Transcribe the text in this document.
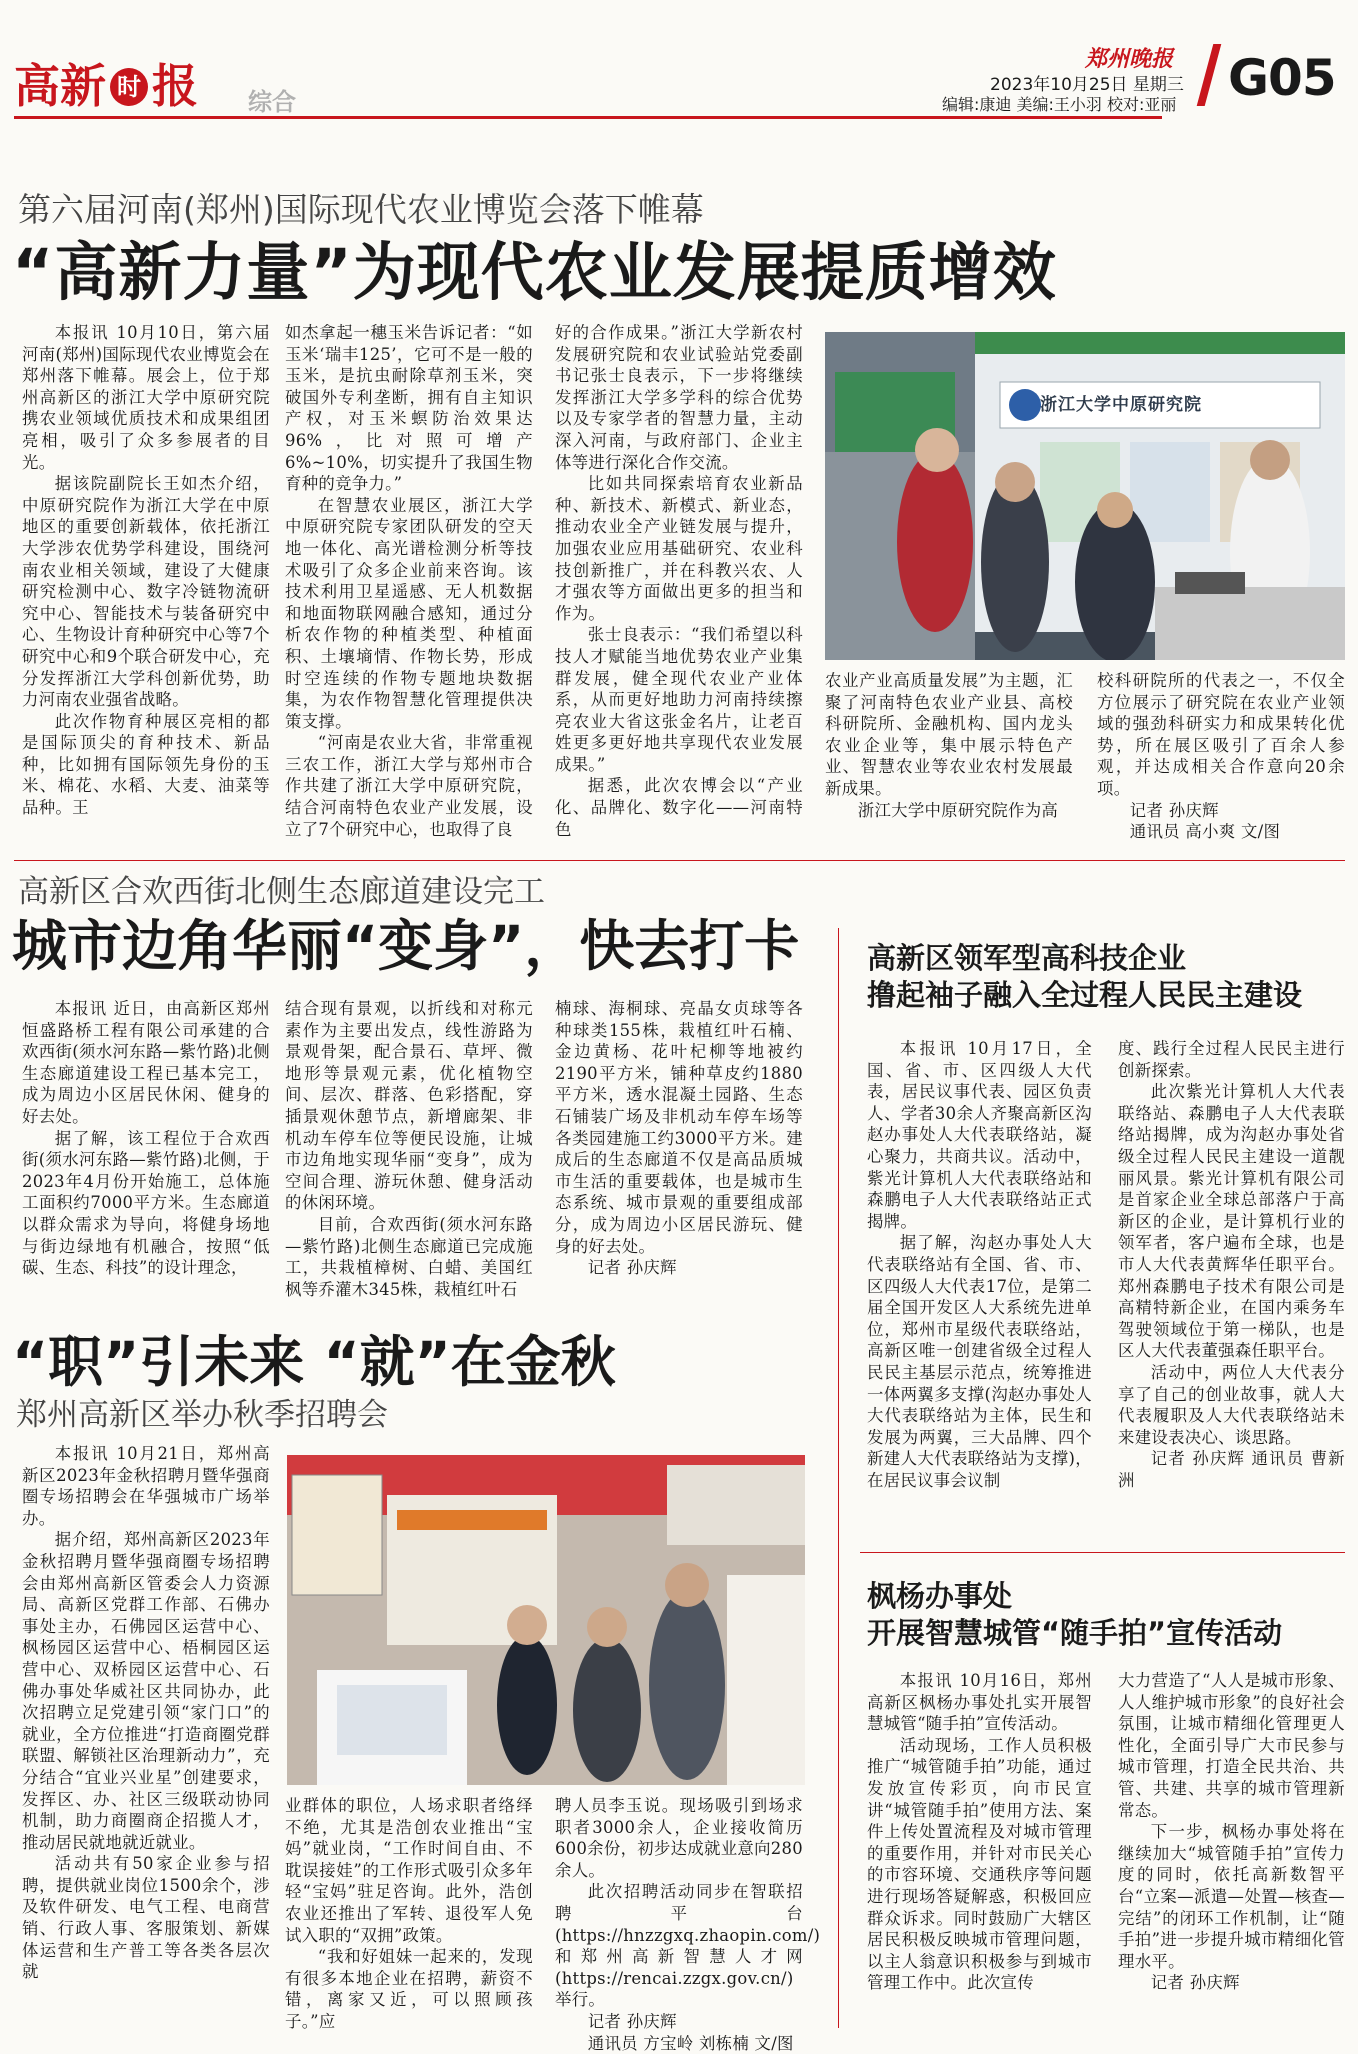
高新 时 报 综合
郑州晚报
2023年10月25日 星期三
编辑:康迪 美编:王小羽 校对:亚丽 G05
第六届河南(郑州)国际现代农业博览会落下帷幕
“高新力量”为现代农业发展提质增效

本报讯 10月10日，第六届河南(郑州)国际现代农业博览会在郑州落下帷幕。展会上，位于郑州高新区的浙江大学中原研究院携农业领域优质技术和成果组团亮相，吸引了众多参展者的目光。

据该院副院长王如杰介绍，中原研究院作为浙江大学在中原地区的重要创新载体，依托浙江大学涉农优势学科建设，围绕河南农业相关领域，建设了大健康研究检测中心、数字冷链物流研究中心、智能技术与装备研究中心、生物设计育种研究中心等7个研究中心和9个联合研发中心，充分发挥浙江大学科创新优势，助力河南农业强省战略。

此次作物育种展区亮相的都是国际顶尖的育种技术、新品种，比如拥有国际领先身份的玉米、棉花、水稻、大麦、油菜等品种。王

如杰拿起一穗玉米告诉记者：“如玉米‘瑞丰125’，它可不是一般的玉米，是抗虫耐除草剂玉米，突破国外专利垄断，拥有自主知识产权，对玉米螟防治效果达96%，比对照可增产6%~10%，切实提升了我国生物育种的竞争力。”

在智慧农业展区，浙江大学中原研究院专家团队研发的空天地一体化、高光谱检测分析等技术吸引了众多企业前来咨询。该技术利用卫星遥感、无人机数据和地面物联网融合感知，通过分析农作物的种植类型、种植面积、土壤墒情、作物长势，形成时空连续的作物专题地块数据集，为农作物智慧化管理提供决策支撑。

“河南是农业大省，非常重视三农工作，浙江大学与郑州市合作共建了浙江大学中原研究院，结合河南特色农业产业发展，设立了7个研究中心，也取得了良

好的合作成果。”浙江大学新农村发展研究院和农业试验站党委副书记张士良表示，下一步将继续发挥浙江大学多学科的综合优势以及专家学者的智慧力量，主动深入河南，与政府部门、企业主体等进行深化合作交流。

比如共同探索培育农业新品种、新技术、新模式、新业态，推动农业全产业链发展与提升，加强农业应用基础研究、农业科技创新推广，并在科教兴农、人才强农等方面做出更多的担当和作为。

张士良表示：“我们希望以科技人才赋能当地优势农业产业集群发展，健全现代农业产业体系，从而更好地助力河南持续擦亮农业大省这张金名片，让老百姓更多更好地共享现代农业发展成果。”

据悉，此次农博会以“产业化、品牌化、数字化——河南特色

浙江大学中原研究院

农业产业高质量发展”为主题，汇聚了河南特色农业产业县、高校科研院所、金融机构、国内龙头农业企业等，集中展示特色产业、智慧农业等农业农村发展最新成果。

浙江大学中原研究院作为高

校科研院所的代表之一，不仅全方位展示了研究院在农业产业领域的强劲科研实力和成果转化优势，所在展区吸引了百余人参观，并达成相关合作意向20余项。

记者 孙庆辉

通讯员 高小爽 文/图

高新区合欢西街北侧生态廊道建设完工
城市边角华丽“变身”，快去打卡

本报讯 近日，由高新区郑州恒盛路桥工程有限公司承建的合欢西街(须水河东路—紫竹路)北侧生态廊道建设工程已基本完工，成为周边小区居民休闲、健身的好去处。

据了解，该工程位于合欢西街(须水河东路—紫竹路)北侧，于2023年4月份开始施工，总体施工面积约7000平方米。生态廊道以群众需求为导向，将健身场地与街边绿地有机融合，按照“低碳、生态、科技”的设计理念，

结合现有景观，以折线和对称元素作为主要出发点，线性游路为景观骨架，配合景石、草坪、微地形等景观元素，优化植物空间、层次、群落、色彩搭配，穿插景观休憩节点，新增廊架、非机动车停车位等便民设施，让城市边角地实现华丽“变身”，成为空间合理、游玩休憩、健身活动的休闲环境。

目前，合欢西街(须水河东路—紫竹路)北侧生态廊道已完成施工，共栽植樟树、白蜡、美国红枫等乔灌木345株，栽植红叶石

楠球、海桐球、亮晶女贞球等各种球类155株，栽植红叶石楠、金边黄杨、花叶杞柳等地被约2190平方米，铺种草皮约1880平方米，透水混凝土园路、生态石铺装广场及非机动车停车场等各类园建施工约3000平方米。建成后的生态廊道不仅是高品质城市生活的重要载体，也是城市生态系统、城市景观的重要组成部分，成为周边小区居民游玩、健身的好去处。

记者 孙庆辉

“职”引未来 “就”在金秋
郑州高新区举办秋季招聘会

本报讯 10月21日，郑州高新区2023年金秋招聘月暨华强商圈专场招聘会在华强城市广场举办。

据介绍，郑州高新区2023年金秋招聘月暨华强商圈专场招聘会由郑州高新区管委会人力资源局、高新区党群工作部、石佛办事处主办，石佛园区运营中心、枫杨园区运营中心、梧桐园区运营中心、双桥园区运营中心、石佛办事处华威社区共同协办，此次招聘立足党建引领“家门口”的就业，全方位推进“打造商圈党群联盟、解锁社区治理新动力”，充分结合“宜业兴业星”创建要求，发挥区、办、社区三级联动协同机制，助力商圈商企招揽人才，推动居民就地就近就业。

活动共有50家企业参与招聘，提供就业岗位1500余个，涉及软件研发、电气工程、电商营销、行政人事、客服策划、新媒体运营和生产普工等各类各层次就

业群体的职位，人场求职者络绎不绝，尤其是浩创农业推出“宝妈”就业岗，“工作时间自由、不耽误接娃”的工作形式吸引众多年轻“宝妈”驻足咨询。此外，浩创农业还推出了军转、退役军人免试入职的“双拥”政策。

“我和好姐妹一起来的，发现有很多本地企业在招聘，薪资不错，离家又近，可以照顾孩子。”应

聘人员李玉说。现场吸引到场求职者3000余人，企业接收简历600余份，初步达成就业意向280余人。

此次招聘活动同步在智联招聘平台(https://hnzzgxq.zhaopin.com/)和郑州高新智慧人才网(https://rencai.zzgx.gov.cn/)举行。

记者 孙庆辉

通讯员 方宝岭 刘栋楠 文/图

高新区领军型高科技企业
撸起袖子融入全过程人民民主建设

本报讯 10月17日，全国、省、市、区四级人大代表，居民议事代表、园区负责人、学者30余人齐聚高新区沟赵办事处人大代表联络站，凝心聚力，共商共议。活动中，紫光计算机人大代表联络站和森鹏电子人大代表联络站正式揭牌。

据了解，沟赵办事处人大代表联络站有全国、省、市、区四级人大代表17位，是第二届全国开发区人大系统先进单位，郑州市星级代表联络站，高新区唯一创建省级全过程人民民主基层示范点，统筹推进一体两翼多支撑(沟赵办事处人大代表联络站为主体，民生和发展为两翼，三大品牌、四个新建人大代表联络站为支撑)，在居民议事会议制

度、践行全过程人民民主进行创新探索。

此次紫光计算机人大代表联络站、森鹏电子人大代表联络站揭牌，成为沟赵办事处省级全过程人民民主建设一道靓丽风景。紫光计算机有限公司是首家企业全球总部落户于高新区的企业，是计算机行业的领军者，客户遍布全球，也是市人大代表黄辉华任职平台。郑州森鹏电子技术有限公司是高精特新企业，在国内乘务车驾驶领域位于第一梯队，也是区人大代表董强森任职平台。

活动中，两位人大代表分享了自己的创业故事，就人大代表履职及人大代表联络站未来建设表决心、谈思路。

记者 孙庆辉 通讯员 曹新洲

枫杨办事处
开展智慧城管“随手拍”宣传活动

本报讯 10月16日，郑州高新区枫杨办事处扎实开展智慧城管“随手拍”宣传活动。

活动现场，工作人员积极推广“城管随手拍”功能，通过发放宣传彩页，向市民宣讲“城管随手拍”使用方法、案件上传处置流程及对城市管理的重要作用，并针对市民关心的市容环境、交通秩序等问题进行现场答疑解惑，积极回应群众诉求。同时鼓励广大辖区居民积极反映城市管理问题，以主人翁意识积极参与到城市管理工作中。此次宣传

大力营造了“人人是城市形象、人人维护城市形象”的良好社会氛围，让城市精细化管理更人性化，全面引导广大市民参与城市管理，打造全民共治、共管、共建、共享的城市管理新常态。

下一步，枫杨办事处将在继续加大“城管随手拍”宣传力度的同时，依托高新数智平台“立案—派遣—处置—核查—完结”的闭环工作机制，让“随手拍”进一步提升城市精细化管理水平。

记者 孙庆辉
